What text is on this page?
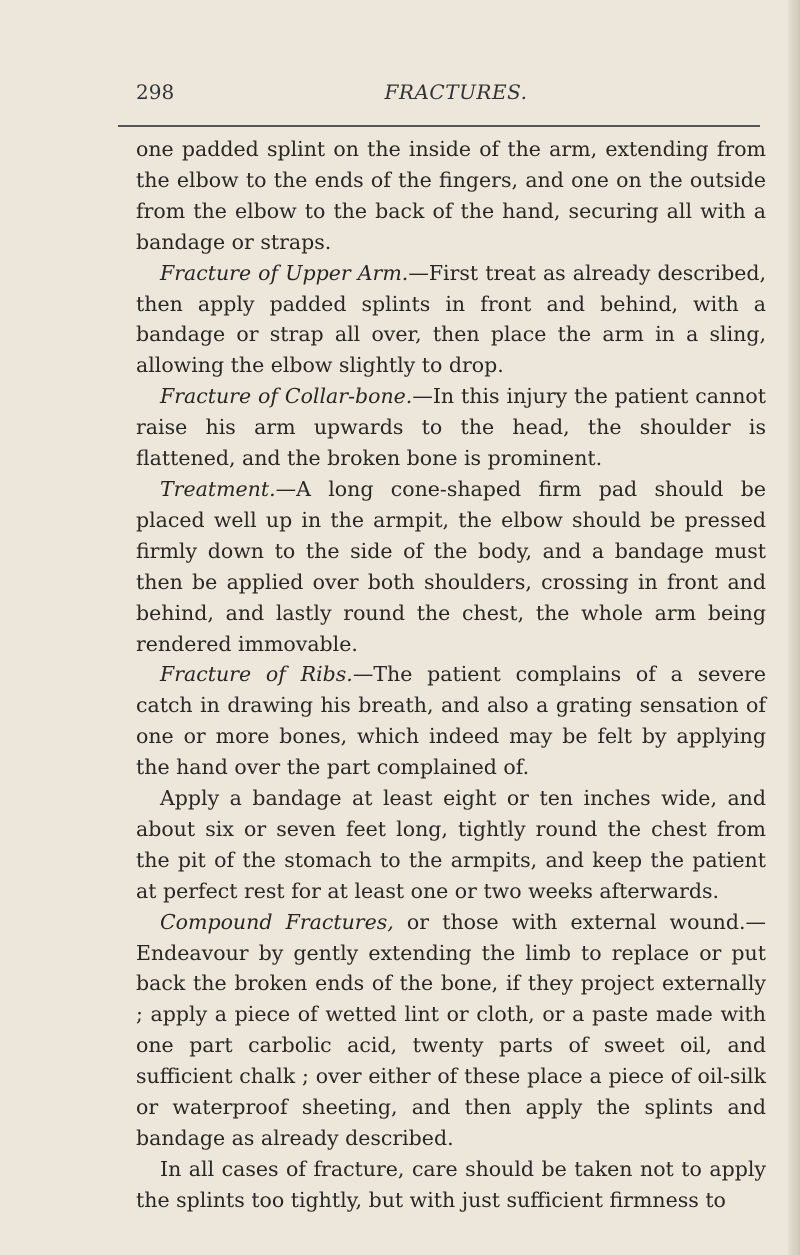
298	FRACTURES.

one padded splint on the inside of the arm, extending from the elbow to the ends of the fingers, and one on the outside from the elbow to the back of the hand, securing all with a bandage or straps.

Fracture of Upper Arm.—First treat as already described, then apply padded splints in front and behind, with a bandage or strap all over, then place the arm in a sling, allowing the elbow slightly to drop.

Fracture of Collar-bone.—In this injury the patient cannot raise his arm upwards to the head, the shoulder is flattened, and the broken bone is prominent.

Treatment.—A long cone-shaped firm pad should be placed well up in the armpit, the elbow should be pressed firmly down to the side of the body, and a bandage must then be applied over both shoulders, crossing in front and behind, and lastly round the chest, the whole arm being rendered immovable.

Fracture of Ribs.—The patient complains of a severe catch in drawing his breath, and also a grating sensation of one or more bones, which indeed may be felt by applying the hand over the part complained of.

Apply a bandage at least eight or ten inches wide, and about six or seven feet long, tightly round the chest from the pit of the stomach to the armpits, and keep the patient at perfect rest for at least one or two weeks afterwards.

Compound Fractures, or those with external wound.—Endeavour by gently extending the limb to replace or put back the broken ends of the bone, if they project externally ; apply a piece of wetted lint or cloth, or a paste made with one part carbolic acid, twenty parts of sweet oil, and sufficient chalk ; over either of these place a piece of oil-silk or waterproof sheeting, and then apply the splints and bandage as already described.

In all cases of fracture, care should be taken not to apply the splints too tightly, but with just sufficient firmness to
